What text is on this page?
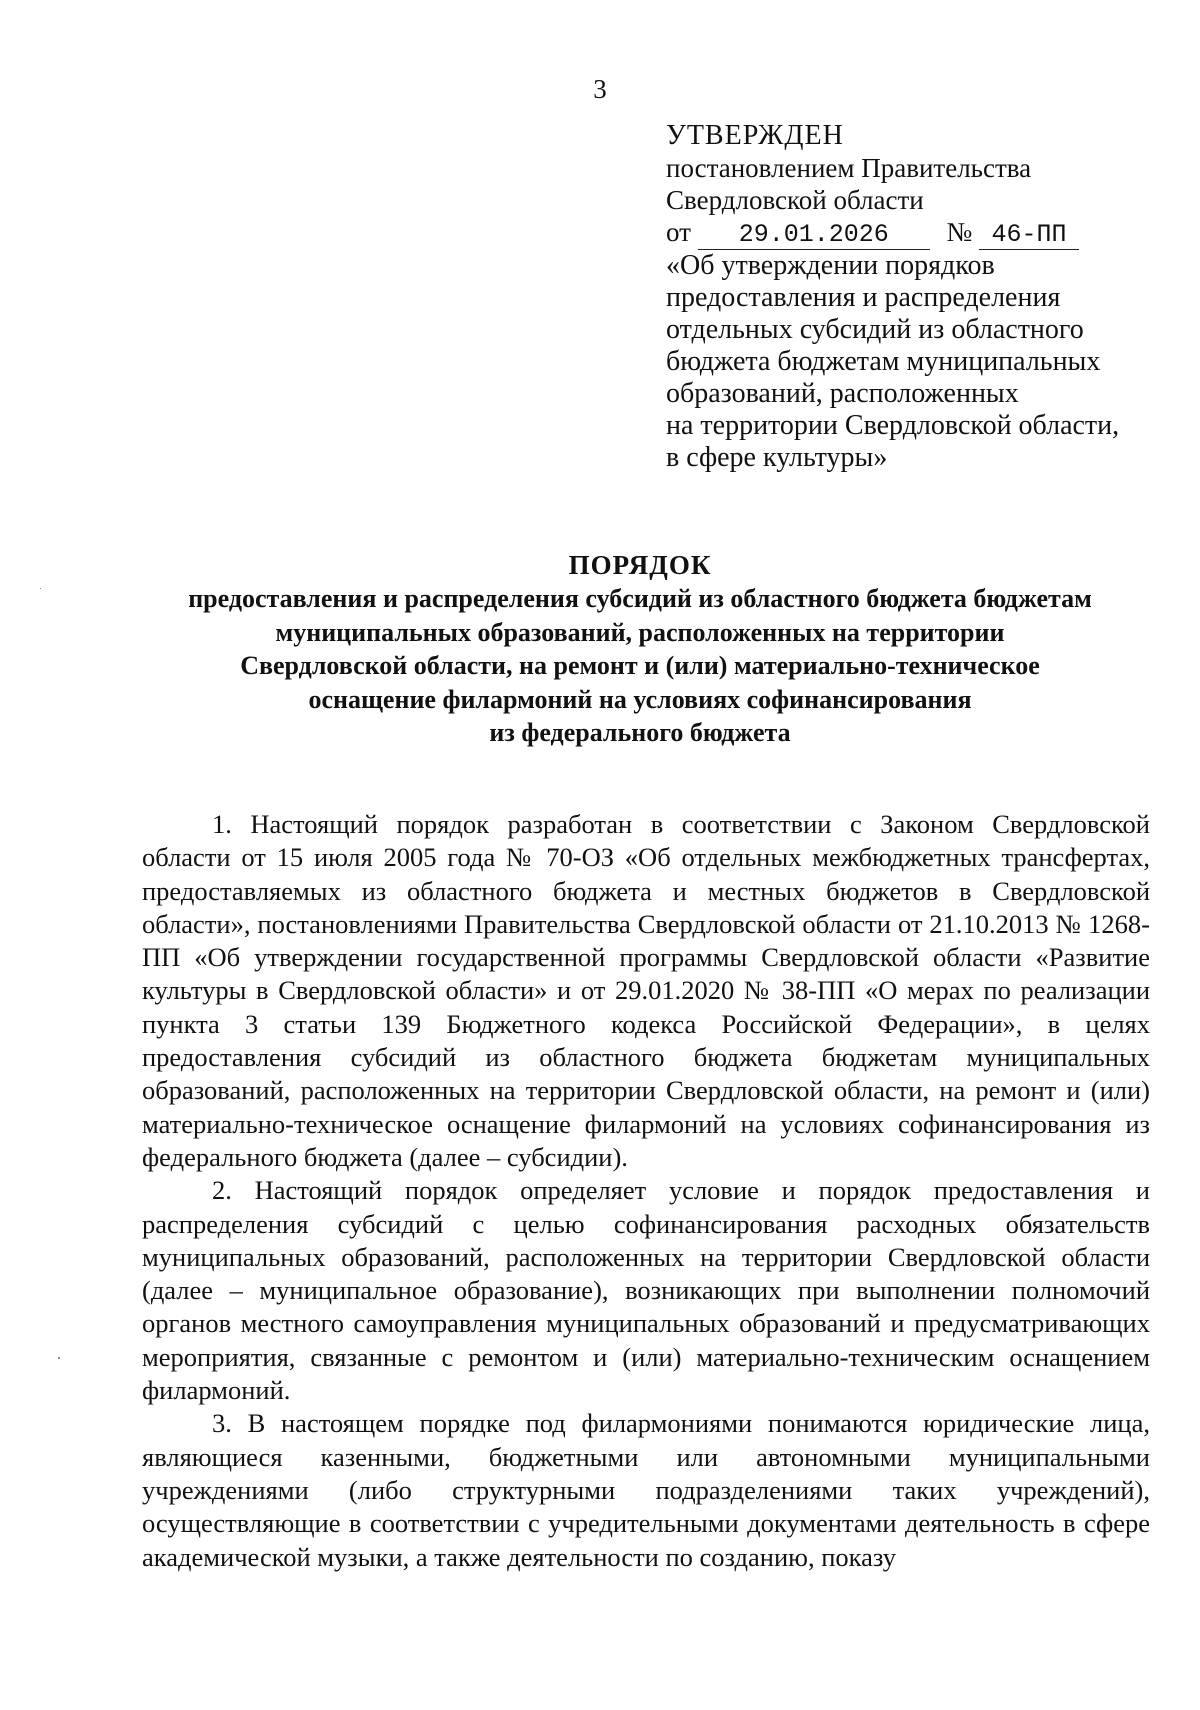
3
УТВЕРЖДЕН
постановлением Правительства
Свердловской области
от 29.01.2026 № 46-ПП
«Об утверждении порядков
предоставления и распределения
отдельных субсидий из областного
бюджета бюджетам муниципальных
образований, расположенных
на территории Свердловской области,
в сфере культуры»
ПОРЯДОК
предоставления и распределения субсидий из областного бюджета бюджетам
муниципальных образований, расположенных на территории
Свердловской области, на ремонт и (или) материально-техническое
оснащение филармоний на условиях софинансирования
из федерального бюджета

1. Настоящий порядок разработан в соответствии с Законом Свердловской области от 15 июля 2005 года № 70-ОЗ «Об отдельных межбюджетных трансфертах, предоставляемых из областного бюджета и местных бюджетов в Свердловской области», постановлениями Правительства Свердловской области от 21.10.2013 № 1268-ПП «Об утверждении государственной программы Свердловской области «Развитие культуры в Свердловской области» и от 29.01.2020 № 38-ПП «О мерах по реализации пункта 3 статьи 139 Бюджетного кодекса Российской Федерации», в целях предоставления субсидий из областного бюджета бюджетам муниципальных образований, расположенных на территории Свердловской области, на ремонт и (или) материально-техническое оснащение филармоний на условиях софинансирования из федерального бюджета (далее – субсидии).

2. Настоящий порядок определяет условие и порядок предоставления и распределения субсидий с целью софинансирования расходных обязательств муниципальных образований, расположенных на территории Свердловской области (далее – муниципальное образование), возникающих при выполнении полномочий органов местного самоуправления муниципальных образований и предусматривающих мероприятия, связанные с ремонтом и (или) материально-техническим оснащением филармоний.

3. В настоящем порядке под филармониями понимаются юридические лица, являющиеся казенными, бюджетными или автономными муниципальными учреждениями (либо структурными подразделениями таких учреждений), осуществляющие в соответствии с учредительными документами деятельность в сфере академической музыки, а также деятельности по созданию, показу
